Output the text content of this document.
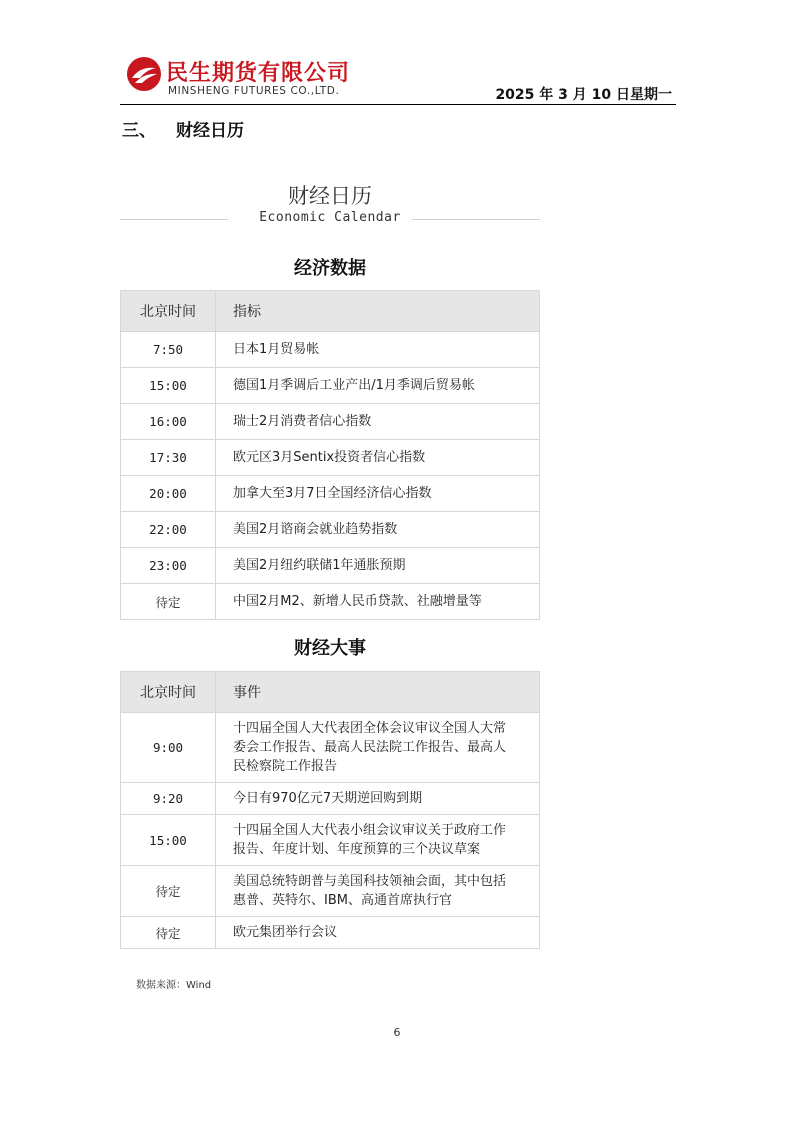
民生期货有限公司
MINSHENG FUTURES CO.,LTD.	2025 年 3 月 10 日星期一
三、 财经日历
财经日历
Economic Calendar
经济数据
北京时间	指标
7:50	日本1月贸易帐
15:00	德国1月季调后工业产出/1月季调后贸易帐
16:00	瑞士2月消费者信心指数
17:30	欧元区3月Sentix投资者信心指数
20:00	加拿大至3月7日全国经济信心指数
22:00	美国2月谘商会就业趋势指数
23:00	美国2月纽约联储1年通胀预期
待定	中国2月M2、新增人民币贷款、社融增量等
财经大事
北京时间	事件
9:00	十四届全国人大代表团全体会议审议全国人大常
委会工作报告、最高人民法院工作报告、最高人
民检察院工作报告
9:20	今日有970亿元7天期逆回购到期
15:00	十四届全国人大代表小组会议审议关于政府工作
报告、年度计划、年度预算的三个决议草案
待定	美国总统特朗普与美国科技领袖会面，其中包括
惠普、英特尔、IBM、高通首席执行官
待定	欧元集团举行会议
数据来源：Wind
6
